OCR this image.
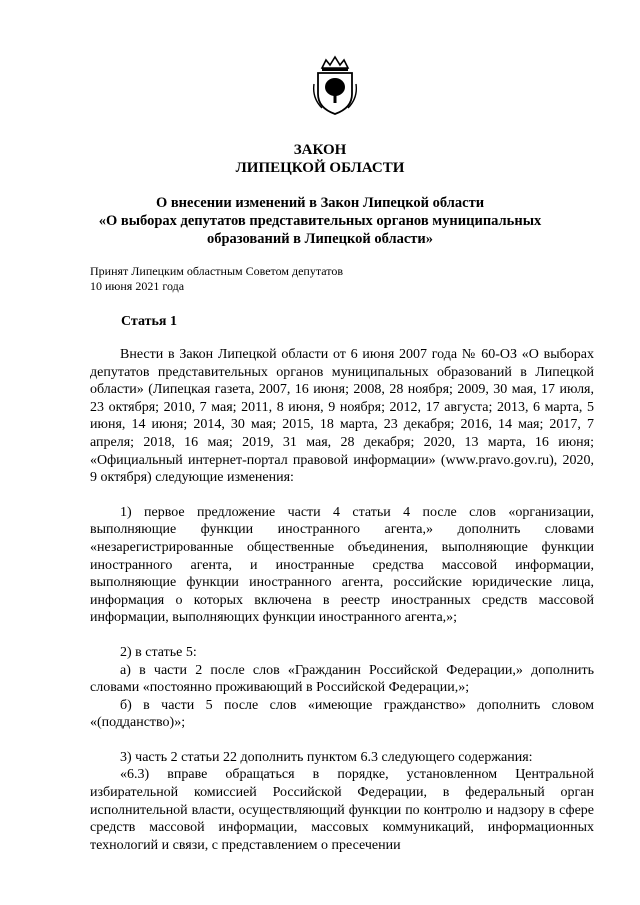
ЗАКОН
ЛИПЕЦКОЙ ОБЛАСТИ
О внесении изменений в Закон Липецкой области
«О выборах депутатов представительных органов муниципальных
образований в Липецкой области»
Принят Липецким областным Советом депутатов
10 июня 2021 года
Статья 1

Внести в Закон Липецкой области от 6 июня 2007 года № 60-ОЗ «О выборах депутатов представительных органов муниципальных образований в Липецкой области» (Липецкая газета, 2007, 16 июня; 2008, 28 ноября; 2009, 30 мая, 17 июля, 23 октября; 2010, 7 мая; 2011, 8 июня, 9 ноября; 2012, 17 августа; 2013, 6 марта, 5 июня, 14 июня; 2014, 30 мая; 2015, 18 марта, 23 декабря; 2016, 14 мая; 2017, 7 апреля; 2018, 16 мая; 2019, 31 мая, 28 декабря; 2020, 13 марта, 16 июня; «Официальный интернет-портал правовой информации» (www.pravo.gov.ru), 2020, 9 октября) следующие изменения:

1) первое предложение части 4 статьи 4 после слов «организации, выполняющие функции иностранного агента,» дополнить словами «незарегистрированные общественные объединения, выполняющие функции иностранного агента, и иностранные средства массовой информации, выполняющие функции иностранного агента, российские юридические лица, информация о которых включена в реестр иностранных средств массовой информации, выполняющих функции иностранного агента,»;

2) в статье 5:

а) в части 2 после слов «Гражданин Российской Федерации,» дополнить словами «постоянно проживающий в Российской Федерации,»;

б) в части 5 после слов «имеющие гражданство» дополнить словом «(подданство)»;

3) часть 2 статьи 22 дополнить пунктом 6.3 следующего содержания:

«6.3) вправе обращаться в порядке, установленном Центральной избирательной комиссией Российской Федерации, в федеральный орган исполнительной власти, осуществляющий функции по контролю и надзору в сфере средств массовой информации, массовых коммуникаций, информационных технологий и связи, с представлением о пресечении
